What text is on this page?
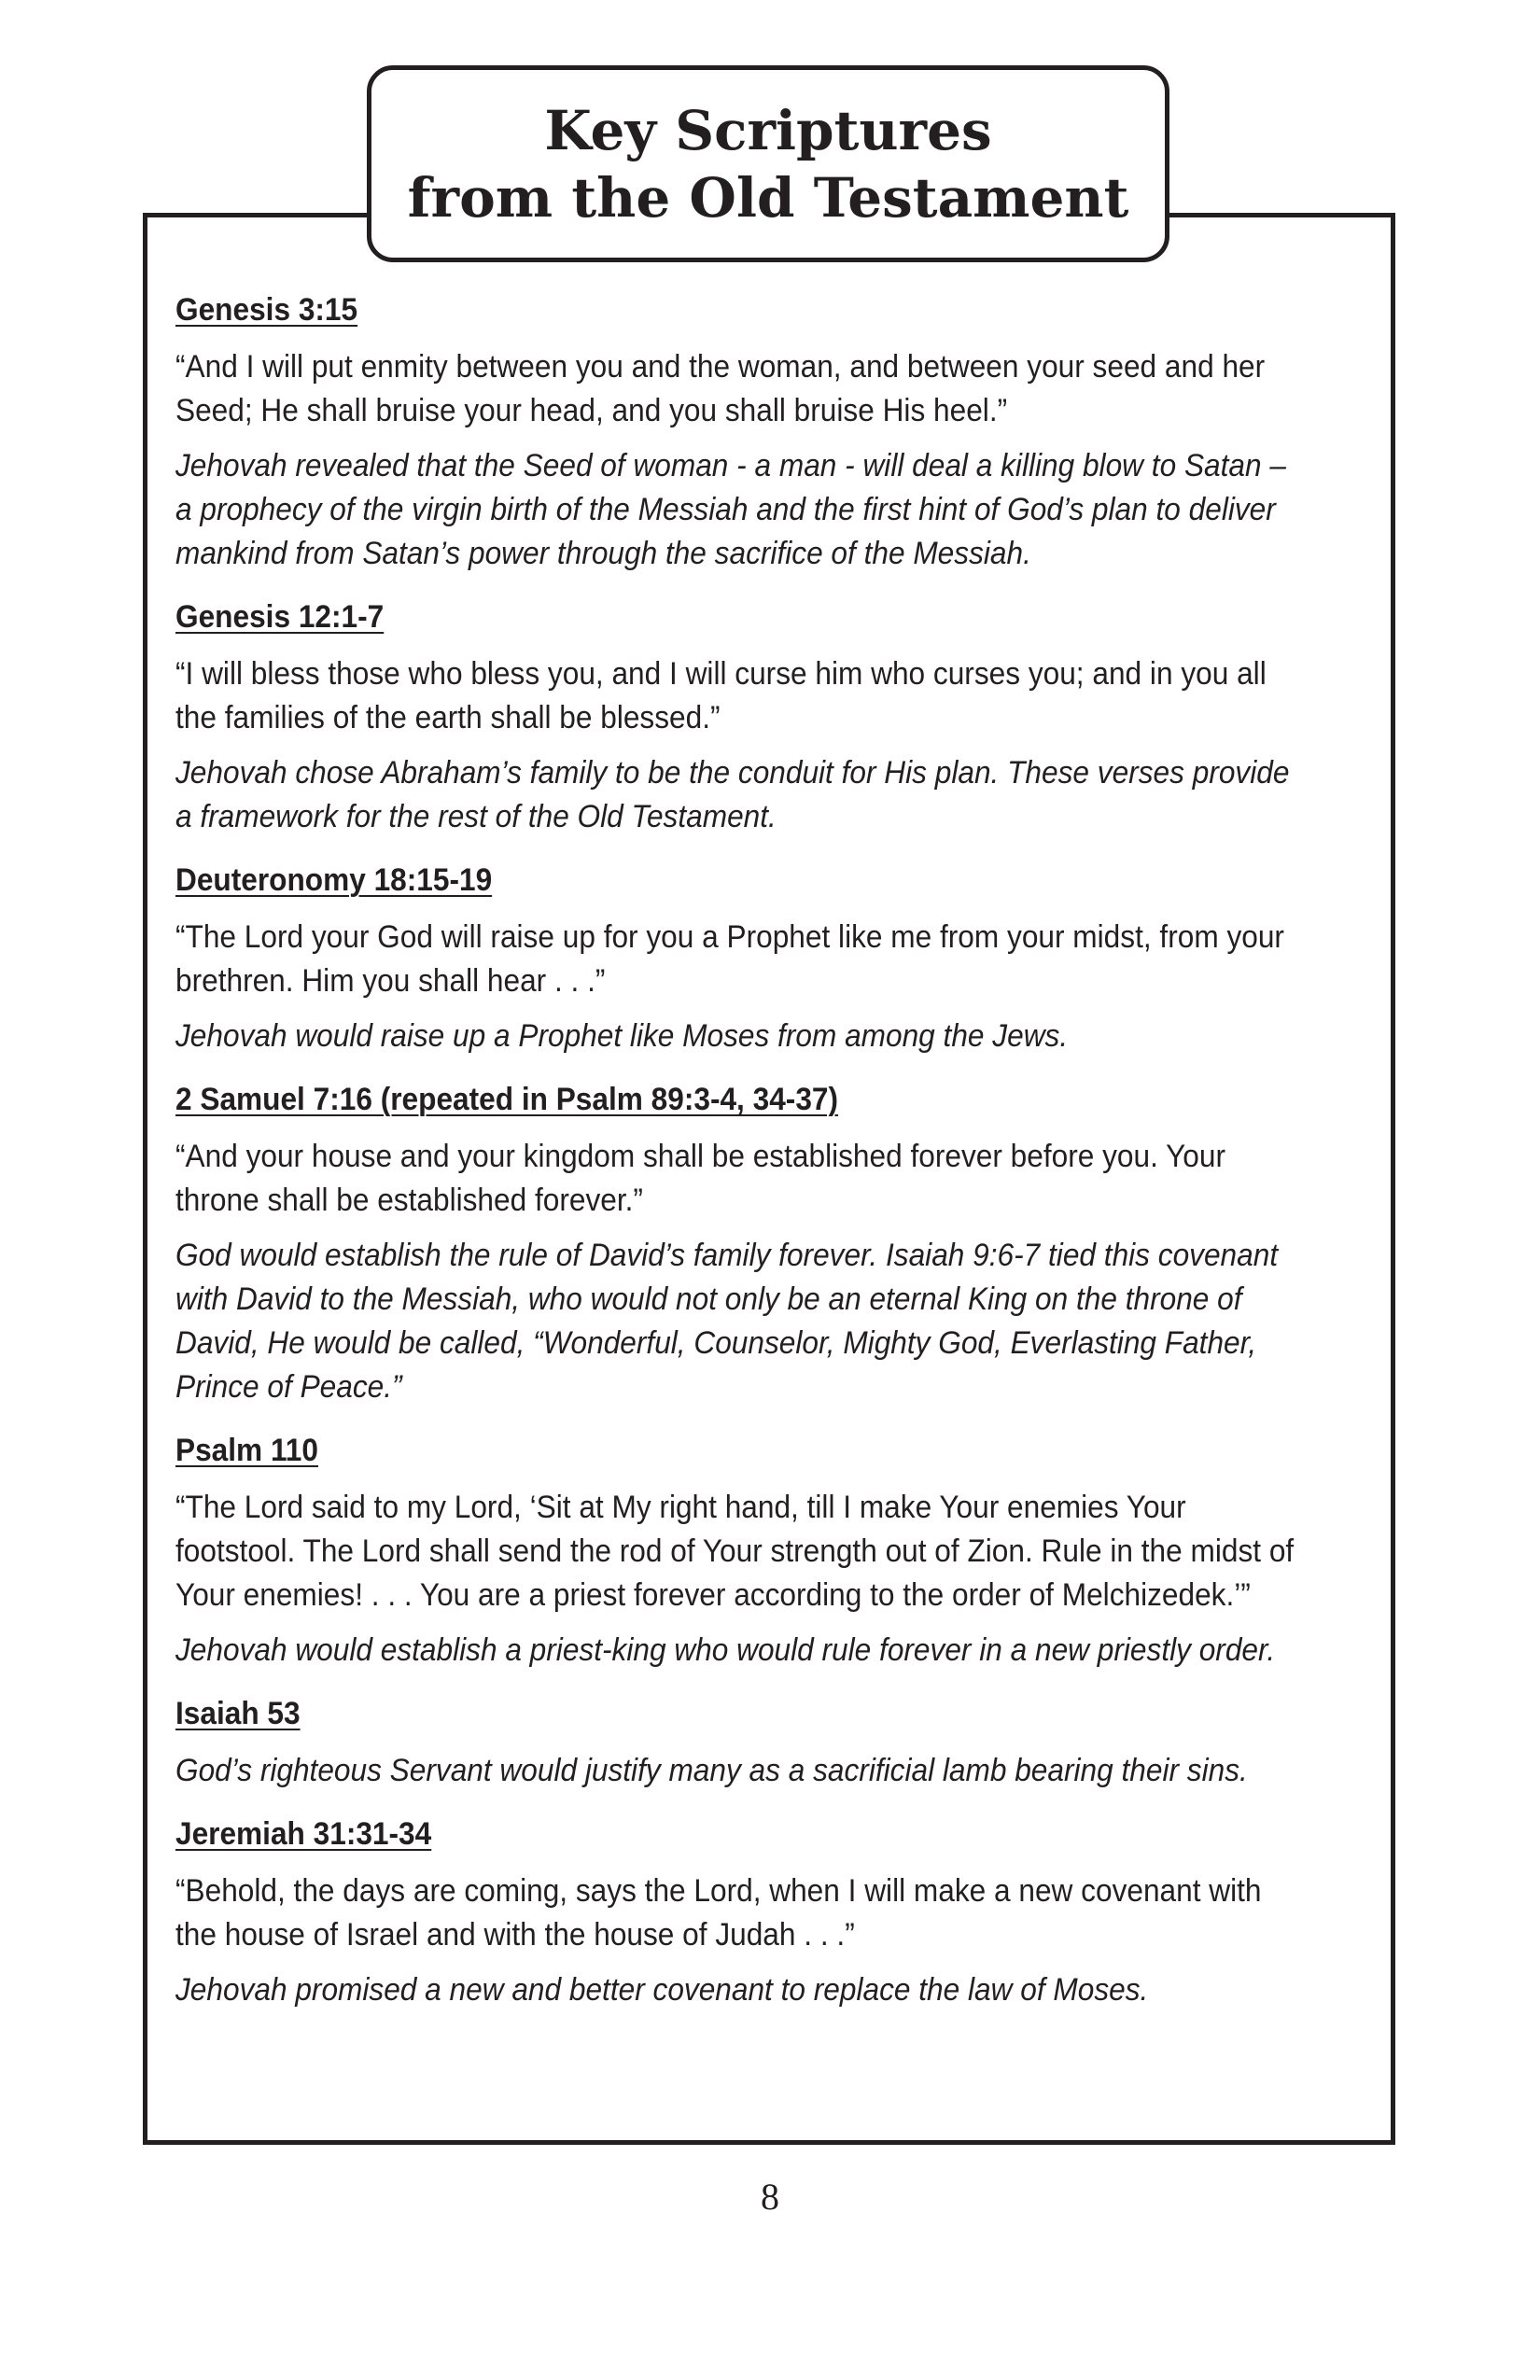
Key Scriptures
from the Old Testament
Genesis 3:15
“And I will put enmity between you and the woman, and between your seed and her Seed; He shall bruise your head, and you shall bruise His heel.”
Jehovah revealed that the Seed of woman - a man - will deal a killing blow to Satan – a prophecy of the virgin birth of the Messiah and the first hint of God’s plan to deliver mankind from Satan’s power through the sacrifice of the Messiah.
Genesis 12:1-7
“I will bless those who bless you, and I will curse him who curses you; and in you all the families of the earth shall be blessed.”
Jehovah chose Abraham’s family to be the conduit for His plan. These verses provide a framework for the rest of the Old Testament.
Deuteronomy 18:15-19
“The Lord your God will raise up for you a Prophet like me from your midst, from your brethren. Him you shall hear . . .”
Jehovah would raise up a Prophet like Moses from among the Jews.
2 Samuel 7:16 (repeated in Psalm 89:3-4, 34-37)
“And your house and your kingdom shall be established forever before you. Your throne shall be established forever.”
God would establish the rule of David’s family forever. Isaiah 9:6-7 tied this covenant with David to the Messiah, who would not only be an eternal King on the throne of David, He would be called, “Wonderful, Counselor, Mighty God, Everlasting Father, Prince of Peace.”
Psalm 110
“The Lord said to my Lord, ‘Sit at My right hand, till I make Your enemies Your footstool. The Lord shall send the rod of Your strength out of Zion. Rule in the midst of Your enemies! . . . You are a priest forever according to the order of Melchizedek.’”
Jehovah would establish a priest-king who would rule forever in a new priestly order.
Isaiah 53
God’s righteous Servant would justify many as a sacrificial lamb bearing their sins.
Jeremiah 31:31-34
“Behold, the days are coming, says the Lord, when I will make a new covenant with the house of Israel and with the house of Judah . . .”
Jehovah promised a new and better covenant to replace the law of Moses.
8
